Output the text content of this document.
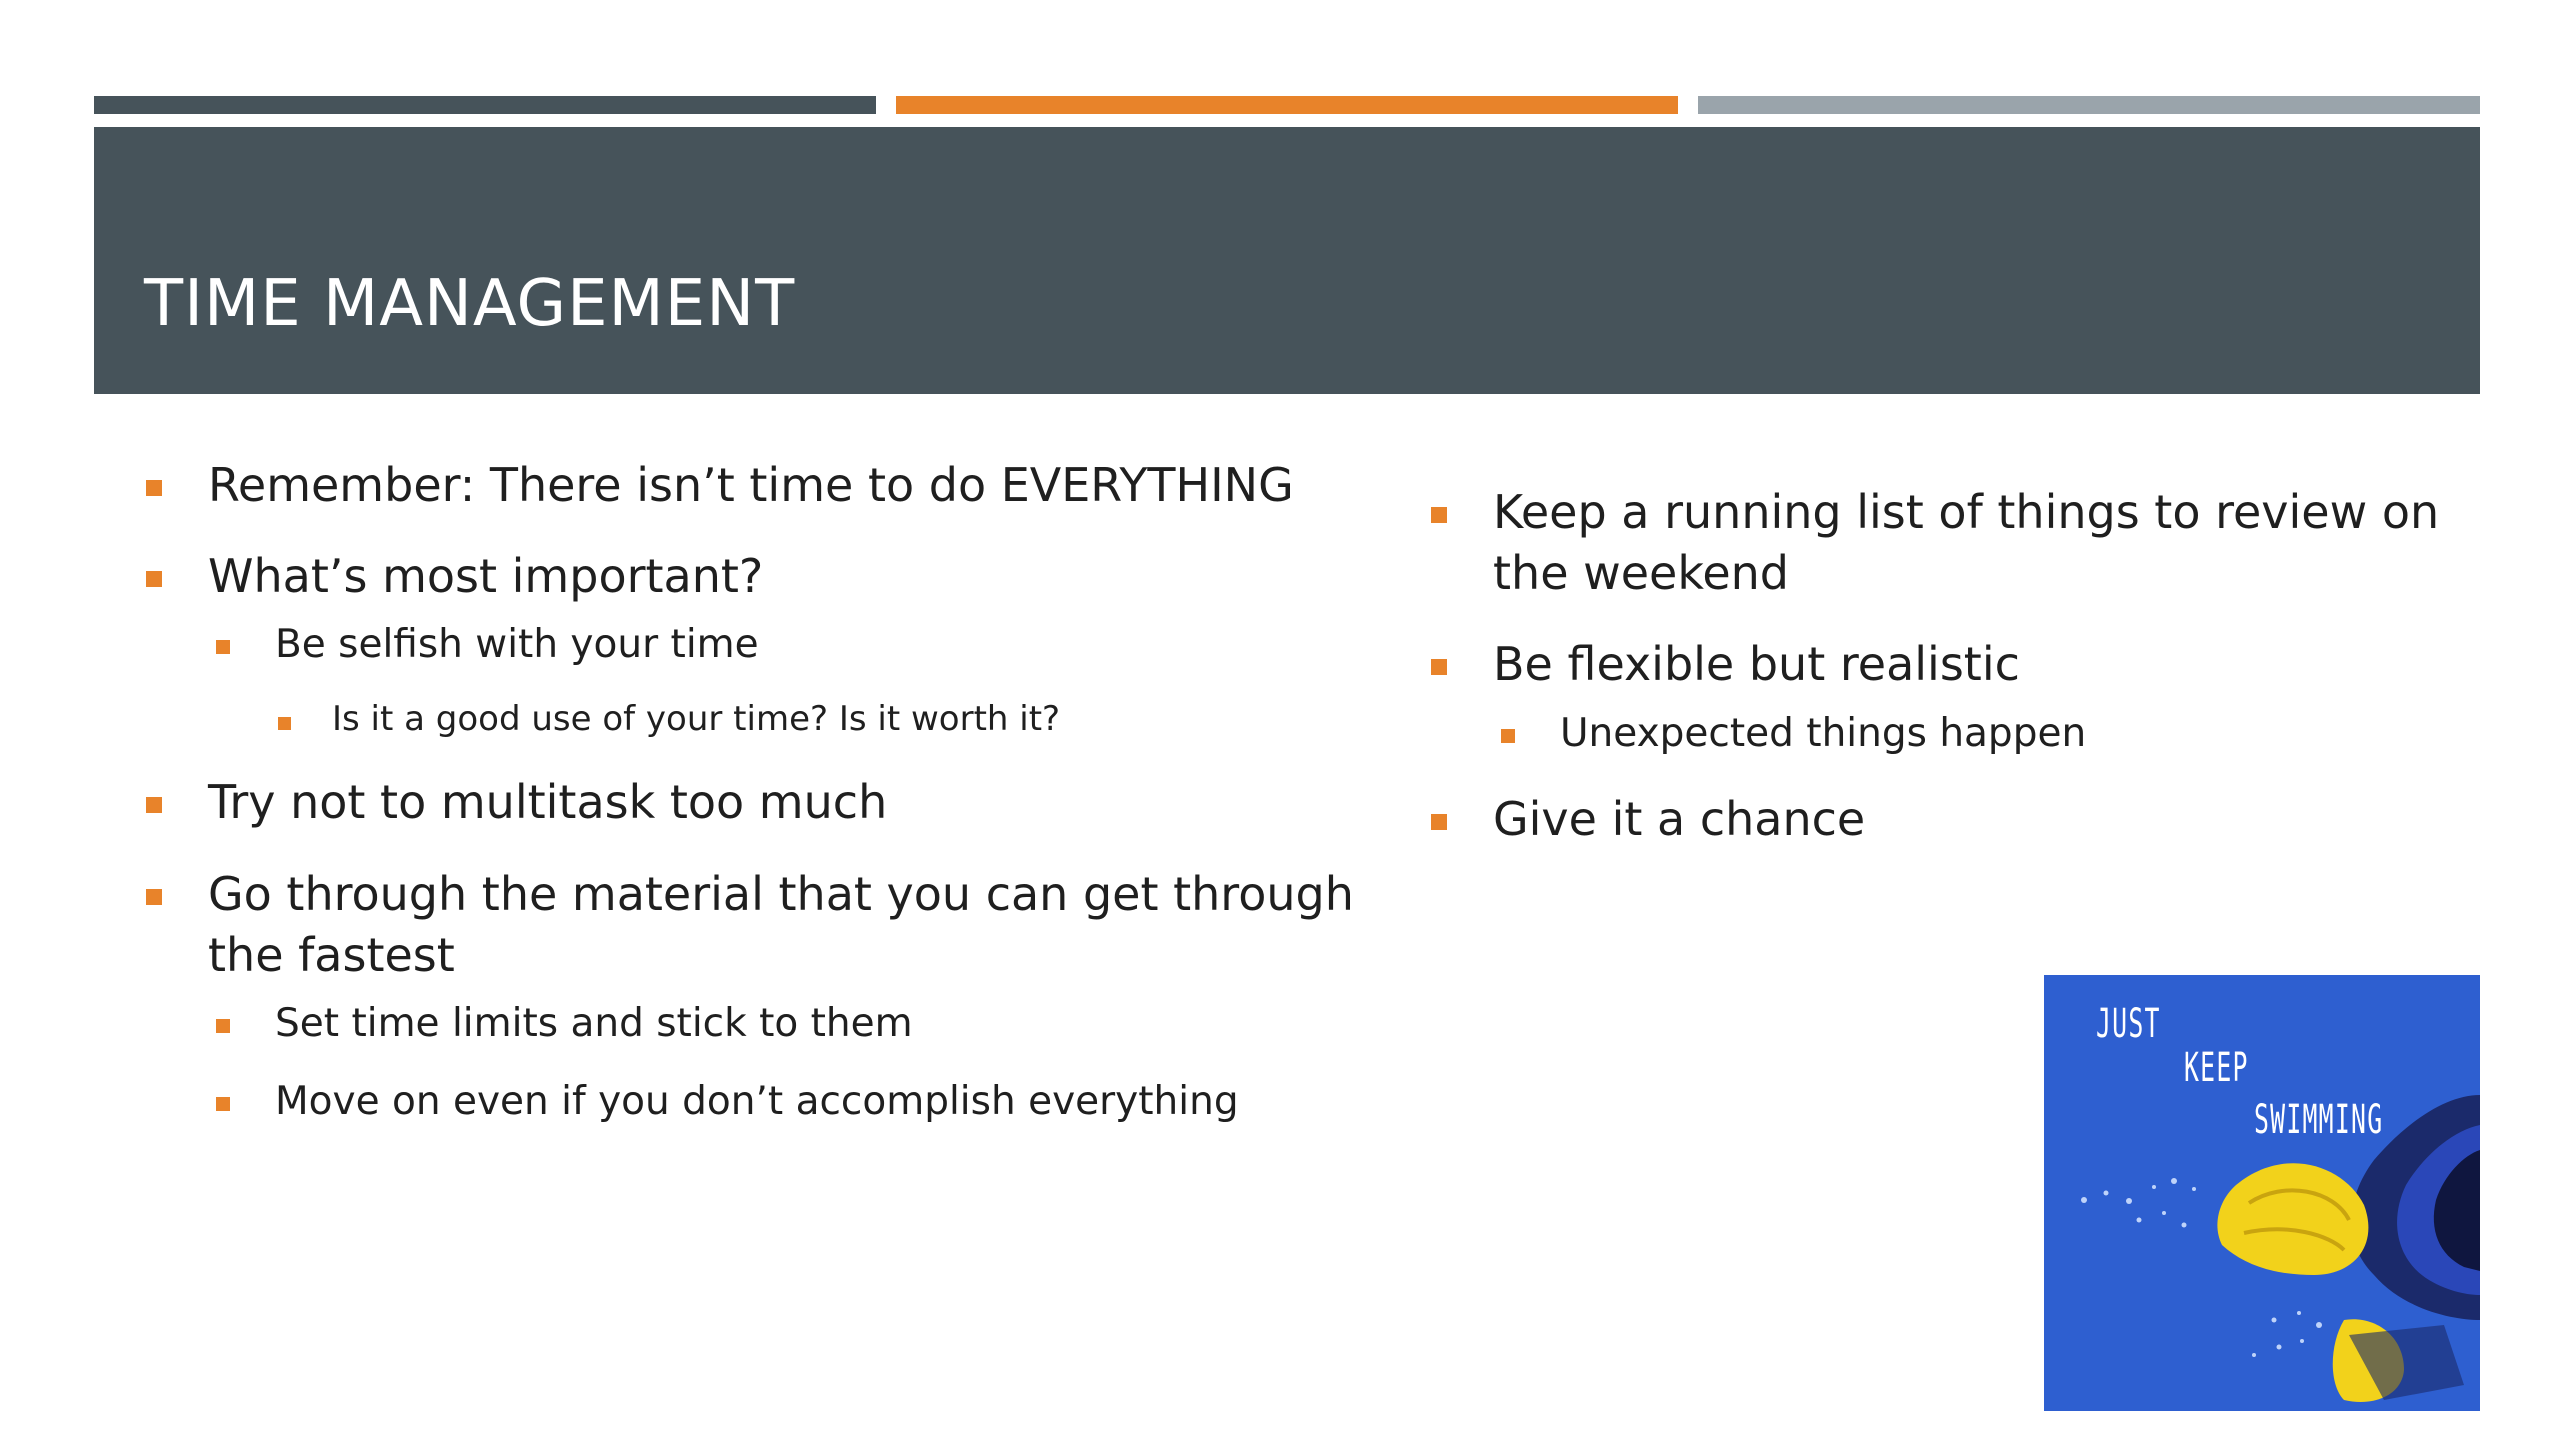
TIME MANAGEMENT
Remember: There isn’t time to do EVERYTHING
What’s most important?
Be selfish with your time
Is it a good use of your time? Is it worth it?
Try not to multitask too much
Go through the material that you can get through the fastest
Set time limits and stick to them
Move on even if you don’t accomplish everything
Keep a running list of things to review on the weekend
Be flexible but realistic
Unexpected things happen
Give it a chance
JUST
KEEP
SWIMMING
